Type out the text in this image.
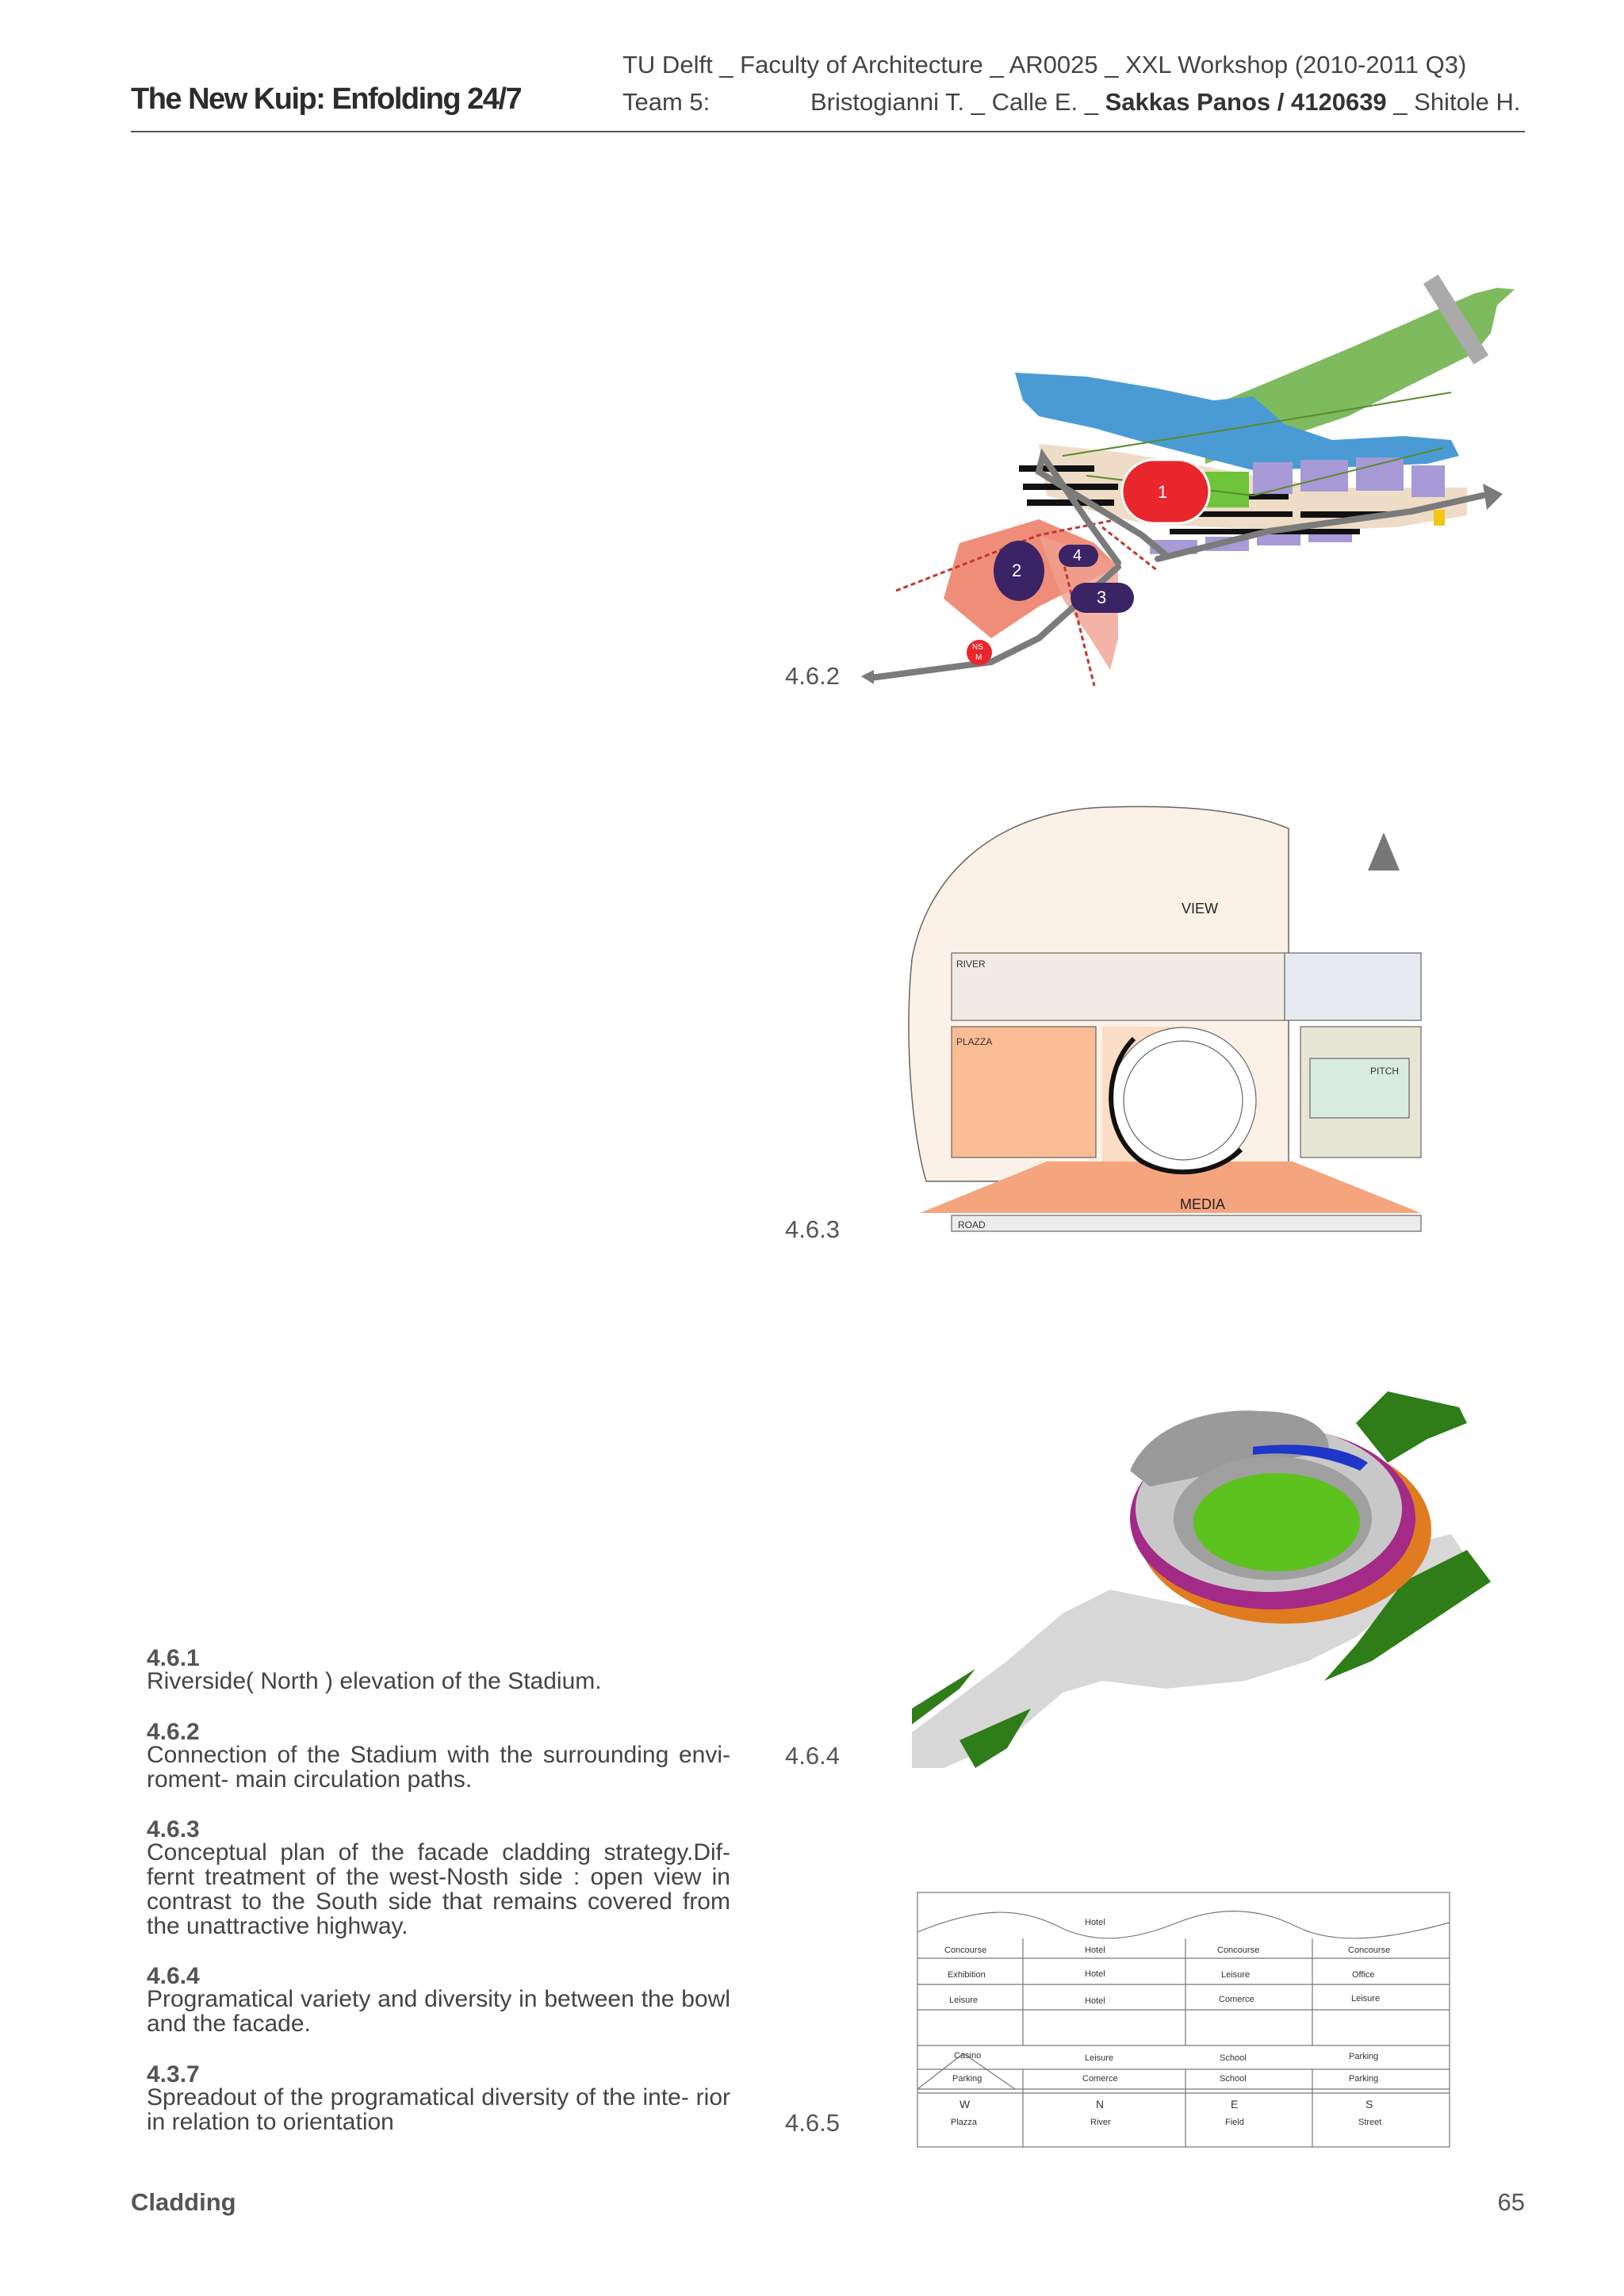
The New Kuip: Enfolding 24/7
TU Delft _ Faculty of Architecture _ AR0025 _ XXL Workshop (2010-2011 Q3)
Team 5:	Bristogianni T. _ Calle E. _ Sakkas Panos / 4120639 _ Shitole H.
1
2
4
3
NS
M
4.6.2
VIEW
RIVER
PLAZZA
PITCH
MEDIA
ROAD
4.6.3
4.6.4
Hotel
Concourse	Hotel	Concourse	Concourse
Exhibition	Hotel	Leisure	Office
Leisure	Hotel	Comerce	Leisure
Casino	Leisure	School	Parking
Parking	Comerce	School	Parking
W	N	E	S
Plazza	River	Field	Street
4.6.5
4.6.1
Riverside( North ) elevation of the Stadium.
4.6.2
Connection of the Stadium with the surrounding envi- roment- main circulation paths.
4.6.3
Conceptual plan of the facade cladding strategy.Dif- fernt treatment of the west-Nosth side : open view in contrast to the South side that remains covered from the unattractive highway.
4.6.4
Programatical variety and diversity in between the bowl and the facade.
4.3.7
Spreadout of the programatical diversity of the inte- rior in relation to orientation
Cladding	65
